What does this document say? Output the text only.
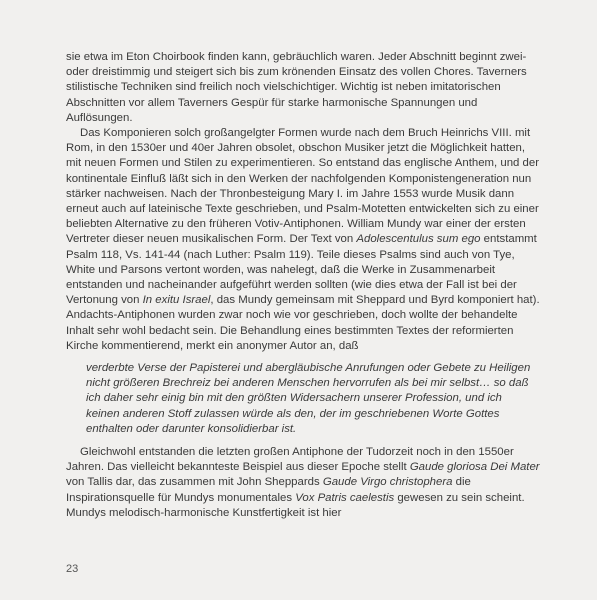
sie etwa im Eton Choirbook finden kann, gebräuchlich waren. Jeder Abschnitt beginnt zwei- oder dreistimmig und steigert sich bis zum krönenden Einsatz des vollen Chores. Taverners stilistische Techniken sind freilich noch vielschichtiger. Wichtig ist neben imitatorischen Abschnitten vor allem Taverners Gespür für starke harmonische Spannungen und Auflösungen.

Das Komponieren solch großangelgter Formen wurde nach dem Bruch Heinrichs VIII. mit Rom, in den 1530er und 40er Jahren obsolet, obschon Musiker jetzt die Möglichkeit hatten, mit neuen Formen und Stilen zu experimentieren. So entstand das englische Anthem, und der kontinentale Einfluß läßt sich in den Werken der nachfolgenden Komponistengeneration nun stärker nachweisen. Nach der Thronbesteigung Mary I. im Jahre 1553 wurde Musik dann erneut auch auf lateinische Texte geschrieben, und Psalm-Motetten entwickelten sich zu einer beliebten Alternative zu den früheren Votiv-Antiphonen. William Mundy war einer der ersten Vertreter dieser neuen musikalischen Form. Der Text von Adolescentulus sum ego entstammt Psalm 118, Vs. 141-44 (nach Luther: Psalm 119). Teile dieses Psalms sind auch von Tye, White und Parsons vertont worden, was nahelegt, daß die Werke in Zusammenarbeit entstanden und nacheinander aufgeführt werden sollten (wie dies etwa der Fall ist bei der Vertonung von In exitu Israel, das Mundy gemeinsam mit Sheppard und Byrd komponiert hat). Andachts-Antiphonen wurden zwar noch wie vor geschrieben, doch wollte der behandelte Inhalt sehr wohl bedacht sein. Die Behandlung eines bestimmten Textes der reformierten Kirche kommentierend, merkt ein anonymer Autor an, daß

verderbte Verse der Papisterei und abergläubische Anrufungen oder Gebete zu Heiligen nicht größeren Brechreiz bei anderen Menschen hervorrufen als bei mir selbst… so daß ich daher sehr einig bin mit den größten Widersachern unserer Profession, und ich keinen anderen Stoff zulassen würde als den, der im geschriebenen Worte Gottes enthalten oder darunter konsolidierbar ist.

Gleichwohl entstanden die letzten großen Antiphone der Tudorzeit noch in den 1550er Jahren. Das vielleicht bekannteste Beispiel aus dieser Epoche stellt Gaude gloriosa Dei Mater von Tallis dar, das zusammen mit John Sheppards Gaude Virgo christophera die Inspirationsquelle für Mundys monumentales Vox Patris caelestis gewesen zu sein scheint. Mundys melodisch-harmonische Kunstfertigkeit ist hier

23
